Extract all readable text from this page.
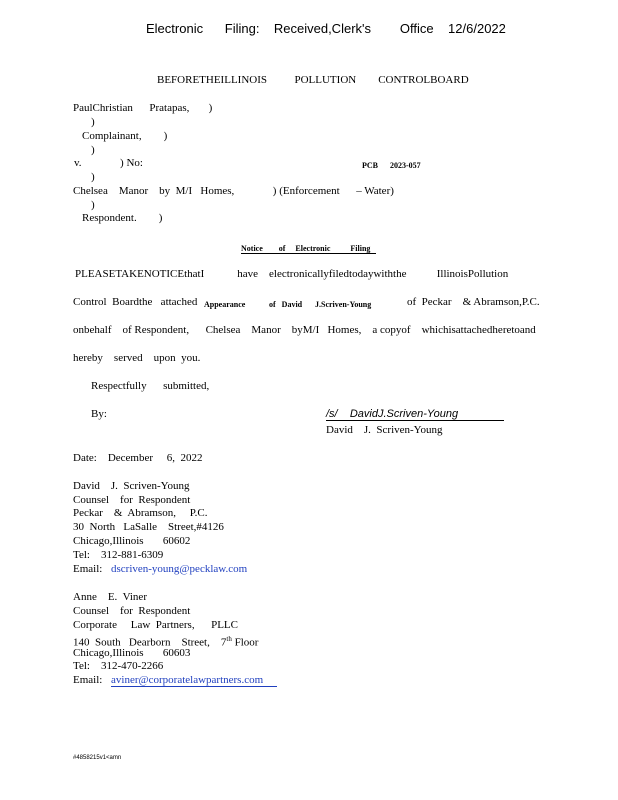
Electronic      Filing:    Received,Clerk's        Office    12/6/2022
BEFORETHEILLINOIS          POLLUTION        CONTROLBOARD
PaulChristian      Pratapas,       )
)
Complainant,        )
)
v.              ) No:	PCB      2023-057
)
Chelsea    Manor    by  M/I   Homes,              ) (Enforcement      – Water)
)
Respondent.        )
Notice        of     Electronic          Filing
PLEASETAKENOTICEthatI            have    electronicallyfiledtodaywiththe           IllinoisPollution
Control  Boardthe   attached Appearance	of   David J.Scriven-Young	of  Peckar    & Abramson,P.C.
onbehalf    of Respondent,      Chelsea    Manor    byM/I   Homes,    a copyof    whichisattachedheretoand
hereby    served    upon  you.
Respectfully      submitted,
By:	/s/    DavidJ.Scriven-Young
David    J.  Scriven-Young
Date:    December     6,  2022
David    J.  Scriven-Young
Counsel    for  Respondent
Peckar    &  Abramson,     P.C.
30  North   LaSalle    Street,#4126
Chicago,Illinois       60602
Tel:    312-881-6309
Email: dscriven-young@pecklaw.com
Anne    E.  Viner
Counsel    for  Respondent
Corporate     Law  Partners,      PLLC
140  South   Dearborn    Street,    7th Floor
Chicago,Illinois       60603
Tel:    312-470-2266
Email: aviner@corporatelawpartners.com
#4858215v1<amn
